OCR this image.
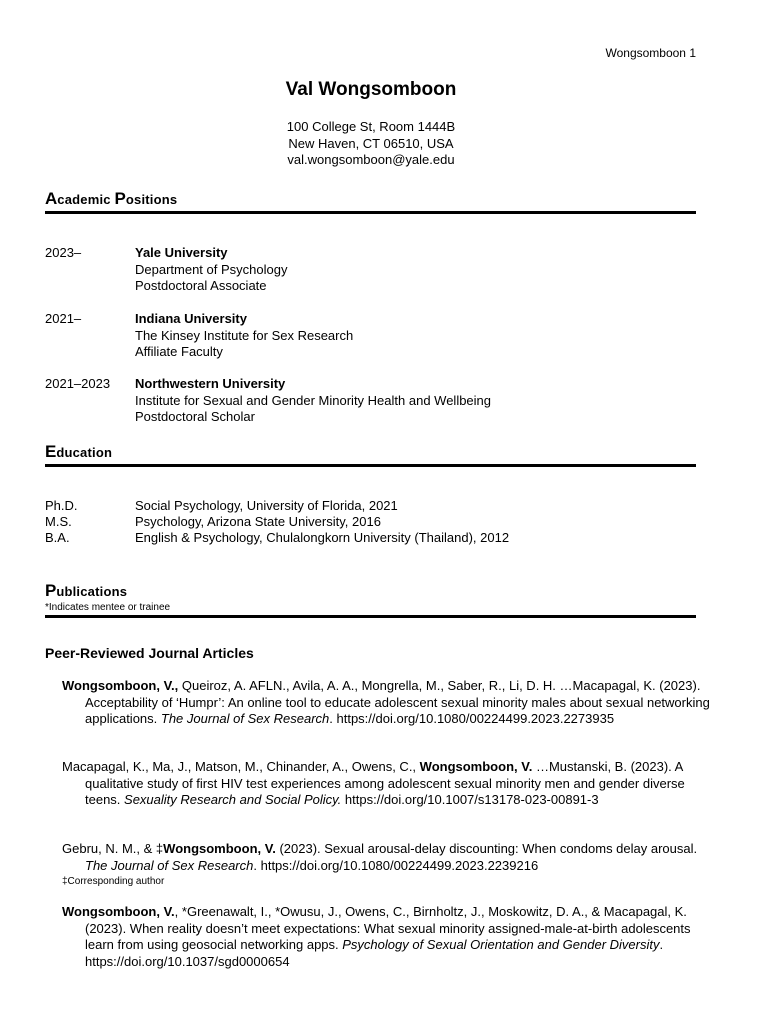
Wongsomboon 1
Val Wongsomboon
100 College St, Room 1444B
New Haven, CT 06510, USA
val.wongsomboon@yale.edu
Academic Positions
2023–	Yale University
Department of Psychology
Postdoctoral Associate
2021–	Indiana University
The Kinsey Institute for Sex Research
Affiliate Faculty
2021–2023	Northwestern University
Institute for Sexual and Gender Minority Health and Wellbeing
Postdoctoral Scholar
Education
Ph.D.	Social Psychology, University of Florida, 2021
M.S.	Psychology, Arizona State University, 2016
B.A.	English & Psychology, Chulalongkorn University (Thailand), 2012
Publications
*Indicates mentee or trainee
Peer-Reviewed Journal Articles
Wongsomboon, V., Queiroz, A. AFLN., Avila, A. A., Mongrella, M., Saber, R., Li, D. H. …Macapagal, K. (2023). Acceptability of ‘Humpr’: An online tool to educate adolescent sexual minority males about sexual networking applications. The Journal of Sex Research. https://doi.org/10.1080/00224499.2023.2273935
Macapagal, K., Ma, J., Matson, M., Chinander, A., Owens, C., Wongsomboon, V. …Mustanski, B. (2023). A qualitative study of first HIV test experiences among adolescent sexual minority men and gender diverse teens. Sexuality Research and Social Policy. https://doi.org/10.1007/s13178-023-00891-3
Gebru, N. M., & ‡Wongsomboon, V. (2023). Sexual arousal-delay discounting: When condoms delay arousal. The Journal of Sex Research. https://doi.org/10.1080/00224499.2023.2239216
‡Corresponding author
Wongsomboon, V., *Greenawalt, I., *Owusu, J., Owens, C., Birnholtz, J., Moskowitz, D. A., & Macapagal, K. (2023). When reality doesn’t meet expectations: What sexual minority assigned-male-at-birth adolescents learn from using geosocial networking apps. Psychology of Sexual Orientation and Gender Diversity. https://doi.org/10.1037/sgd0000654
